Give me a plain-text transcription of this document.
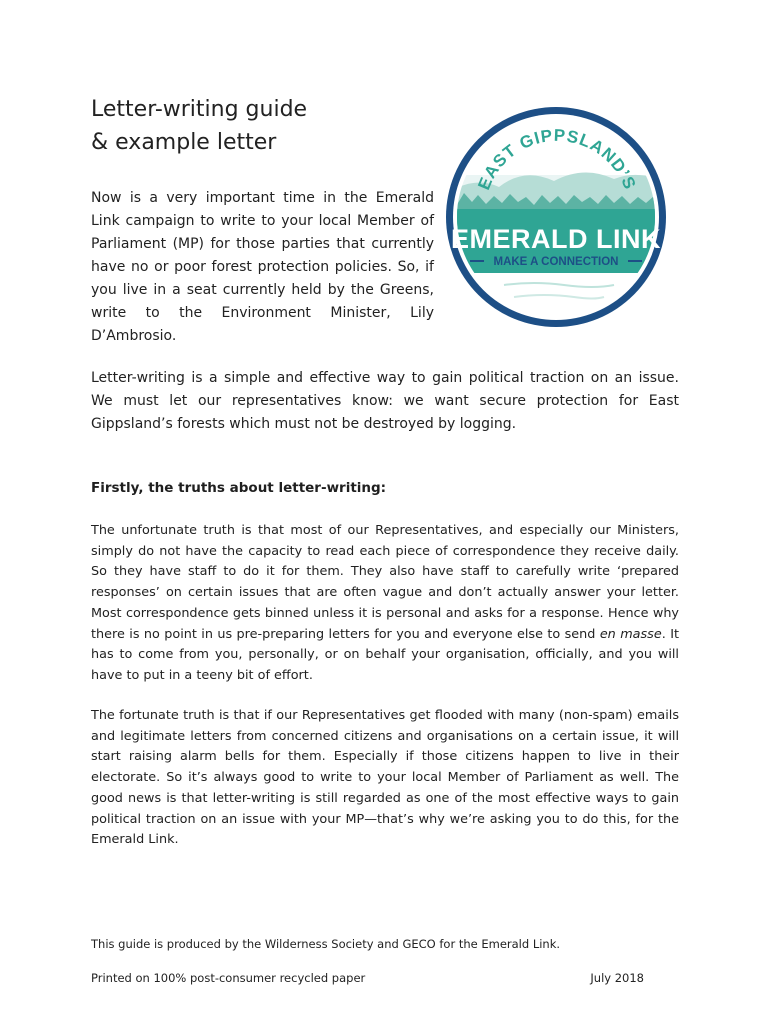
Letter-writing guide
& example letter

Now is a very important time in the Emerald Link campaign to write to your local Member of Parliament (MP) for those parties that currently have no or poor forest protection policies. So, if you live in a seat currently held by the Greens, write to the Environment Minister, Lily D’Ambrosio.

EAST GIPPSLAND’S
EMERALD LINK
MAKE A CONNECTION

Letter-writing is a simple and effective way to gain political traction on an issue. We must let our representatives know: we want secure protection for East Gippsland’s forests which must not be destroyed by logging.

Firstly, the truths about letter-writing:

The unfortunate truth is that most of our Representatives, and especially our Ministers, simply do not have the capacity to read each piece of correspondence they receive daily. So they have staff to do it for them. They also have staff to carefully write ‘prepared responses’ on certain issues that are often vague and don’t actually answer your letter. Most correspondence gets binned unless it is personal and asks for a response. Hence why there is no point in us pre-preparing letters for you and everyone else to send en masse. It has to come from you, personally, or on behalf your organisation, officially, and you will have to put in a teeny bit of effort.

The fortunate truth is that if our Representatives get flooded with many (non-spam) emails and legitimate letters from concerned citizens and organisations on a certain issue, it will start raising alarm bells for them. Especially if those citizens happen to live in their electorate. So it’s always good to write to your local Member of Parliament as well. The good news is that letter-writing is still regarded as one of the most effective ways to gain political traction on an issue with your MP—that’s why we’re asking you to do this, for the Emerald Link.

This guide is produced by the Wilderness Society and GECO for the Emerald Link.

Printed on 100% post-consumer recycled paper	July 2018
